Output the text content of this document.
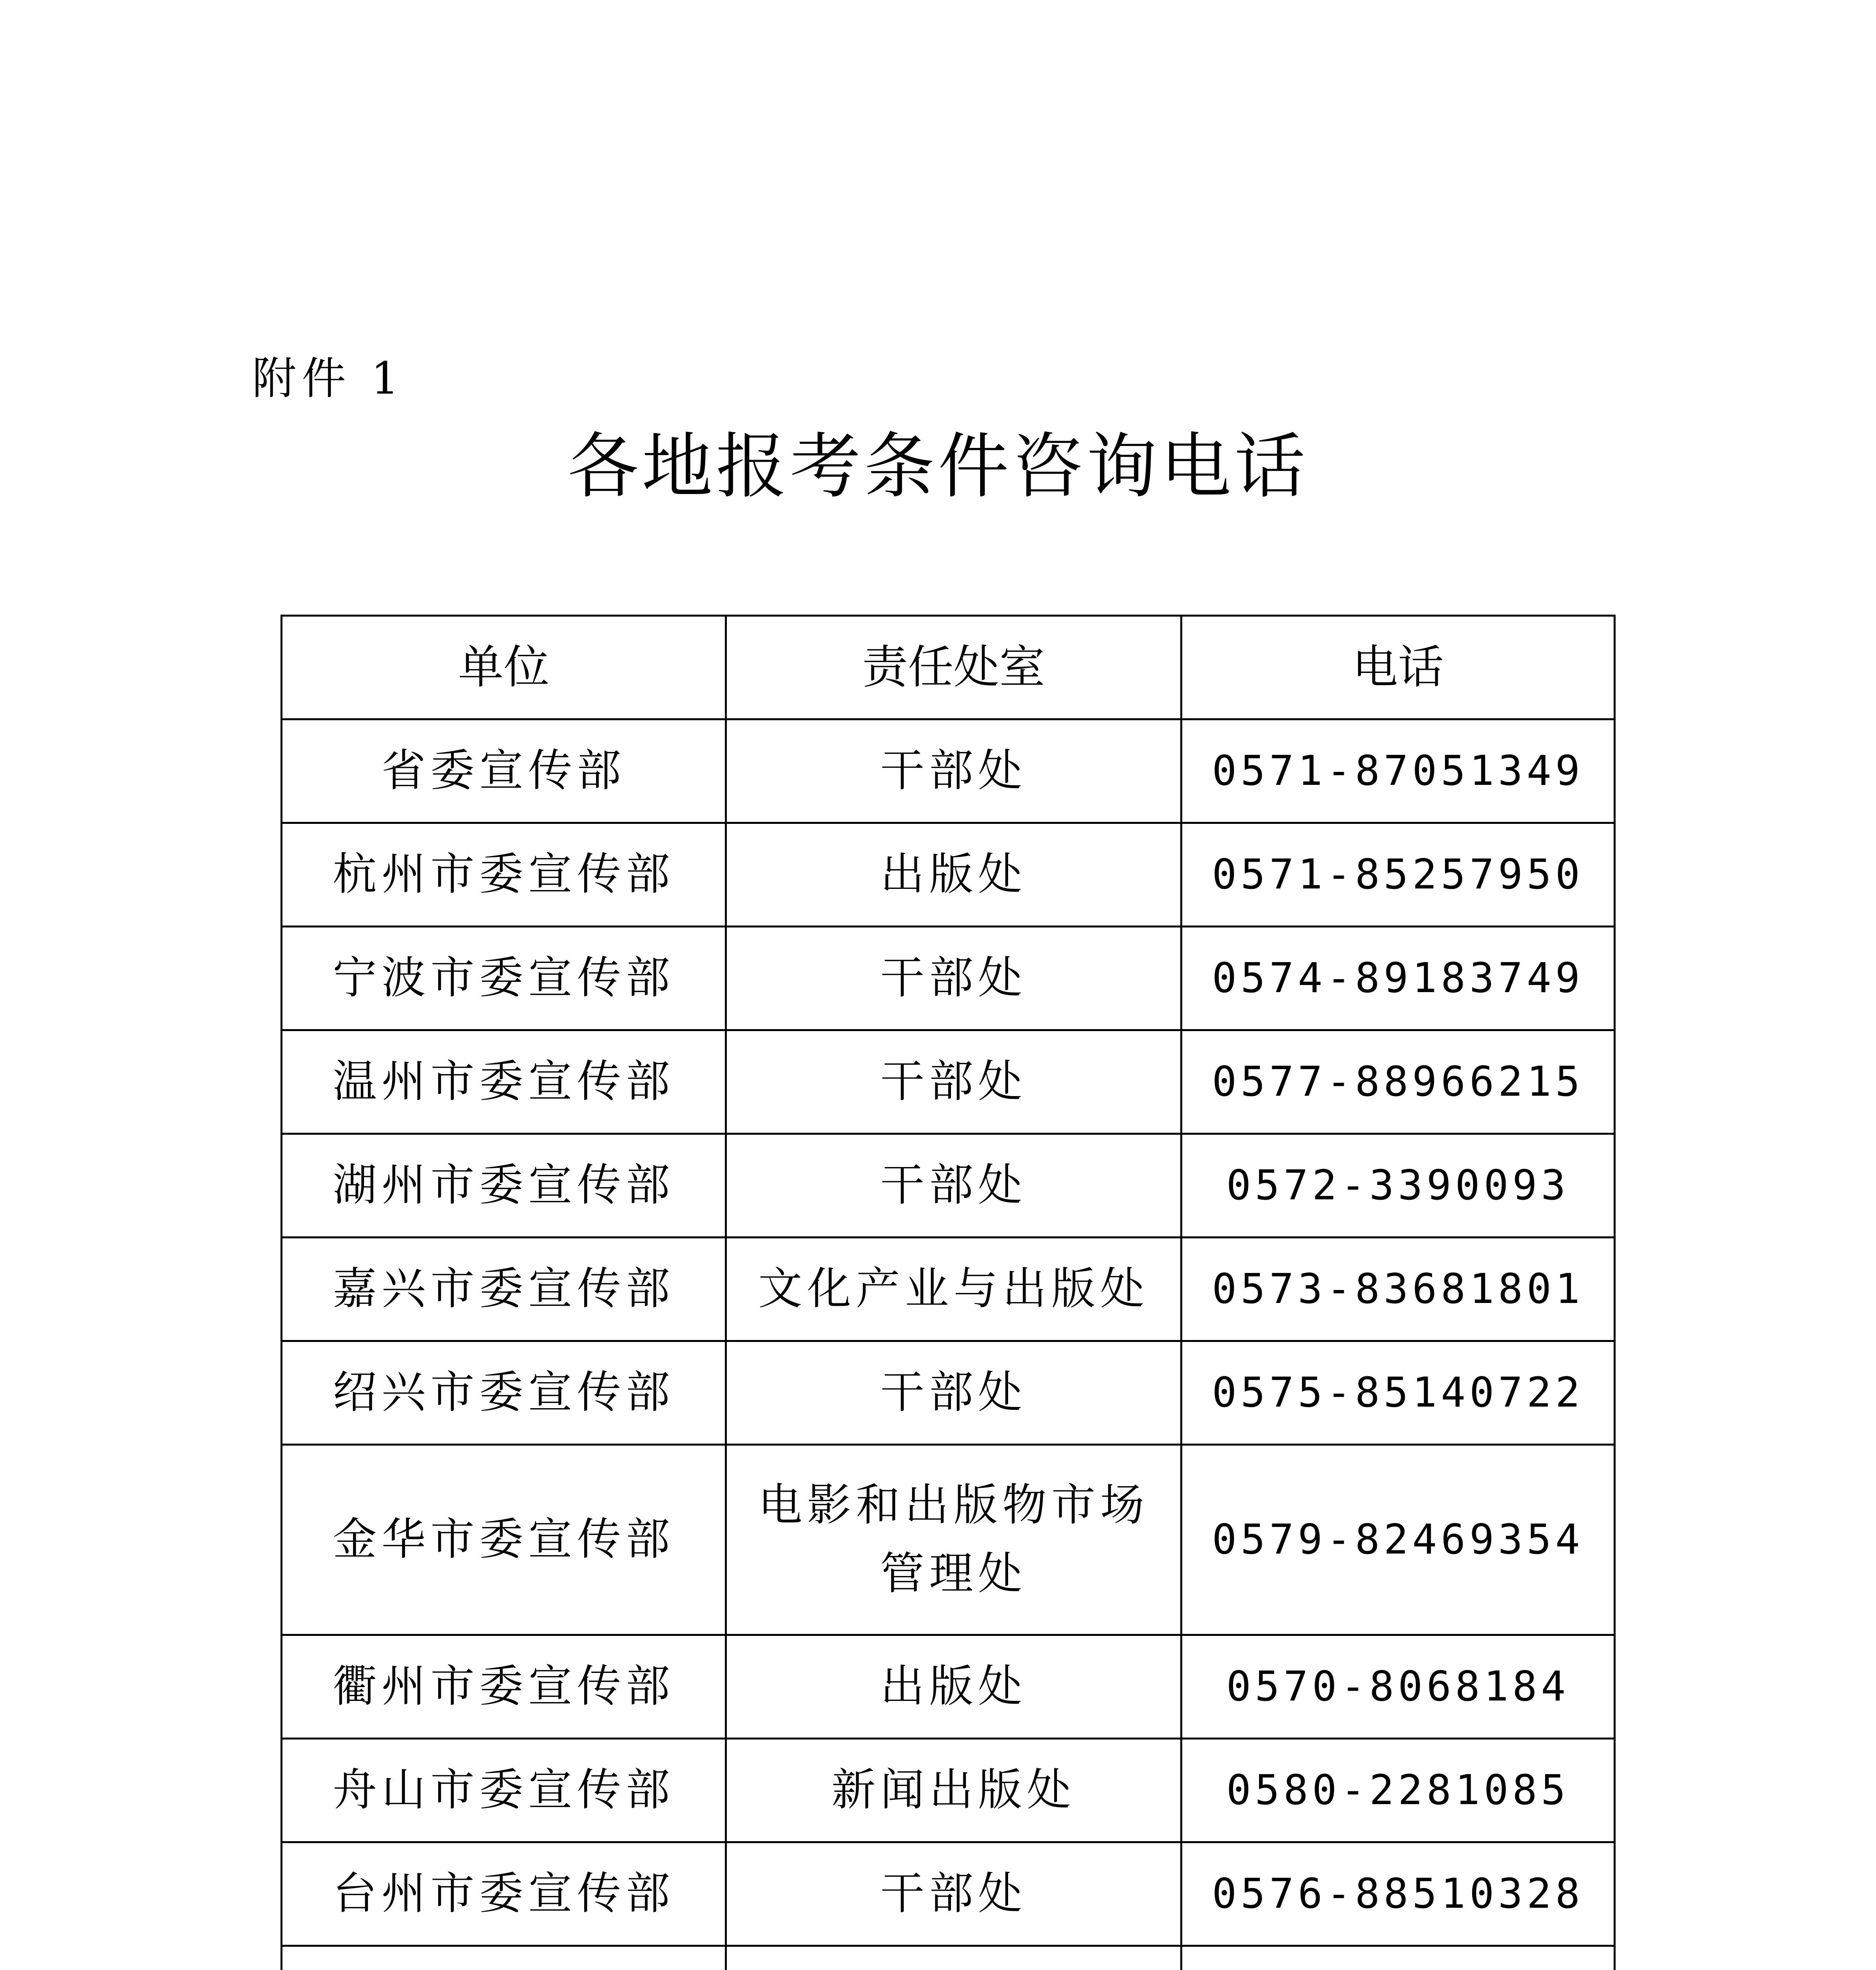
附件 1
各地报考条件咨询电话
单位	责任处室	电话
省委宣传部	干部处	0571-87051349
杭州市委宣传部	出版处	0571-85257950
宁波市委宣传部	干部处	0574-89183749
温州市委宣传部	干部处	0577-88966215
湖州市委宣传部	干部处	0572-3390093
嘉兴市委宣传部	文化产业与出版处	0573-83681801
绍兴市委宣传部	干部处	0575-85140722
金华市委宣传部	电影和出版物市场
管理处	0579-82469354
衢州市委宣传部	出版处	0570-8068184
舟山市委宣传部	新闻出版处	0580-2281085
台州市委宣传部	干部处	0576-88510328
